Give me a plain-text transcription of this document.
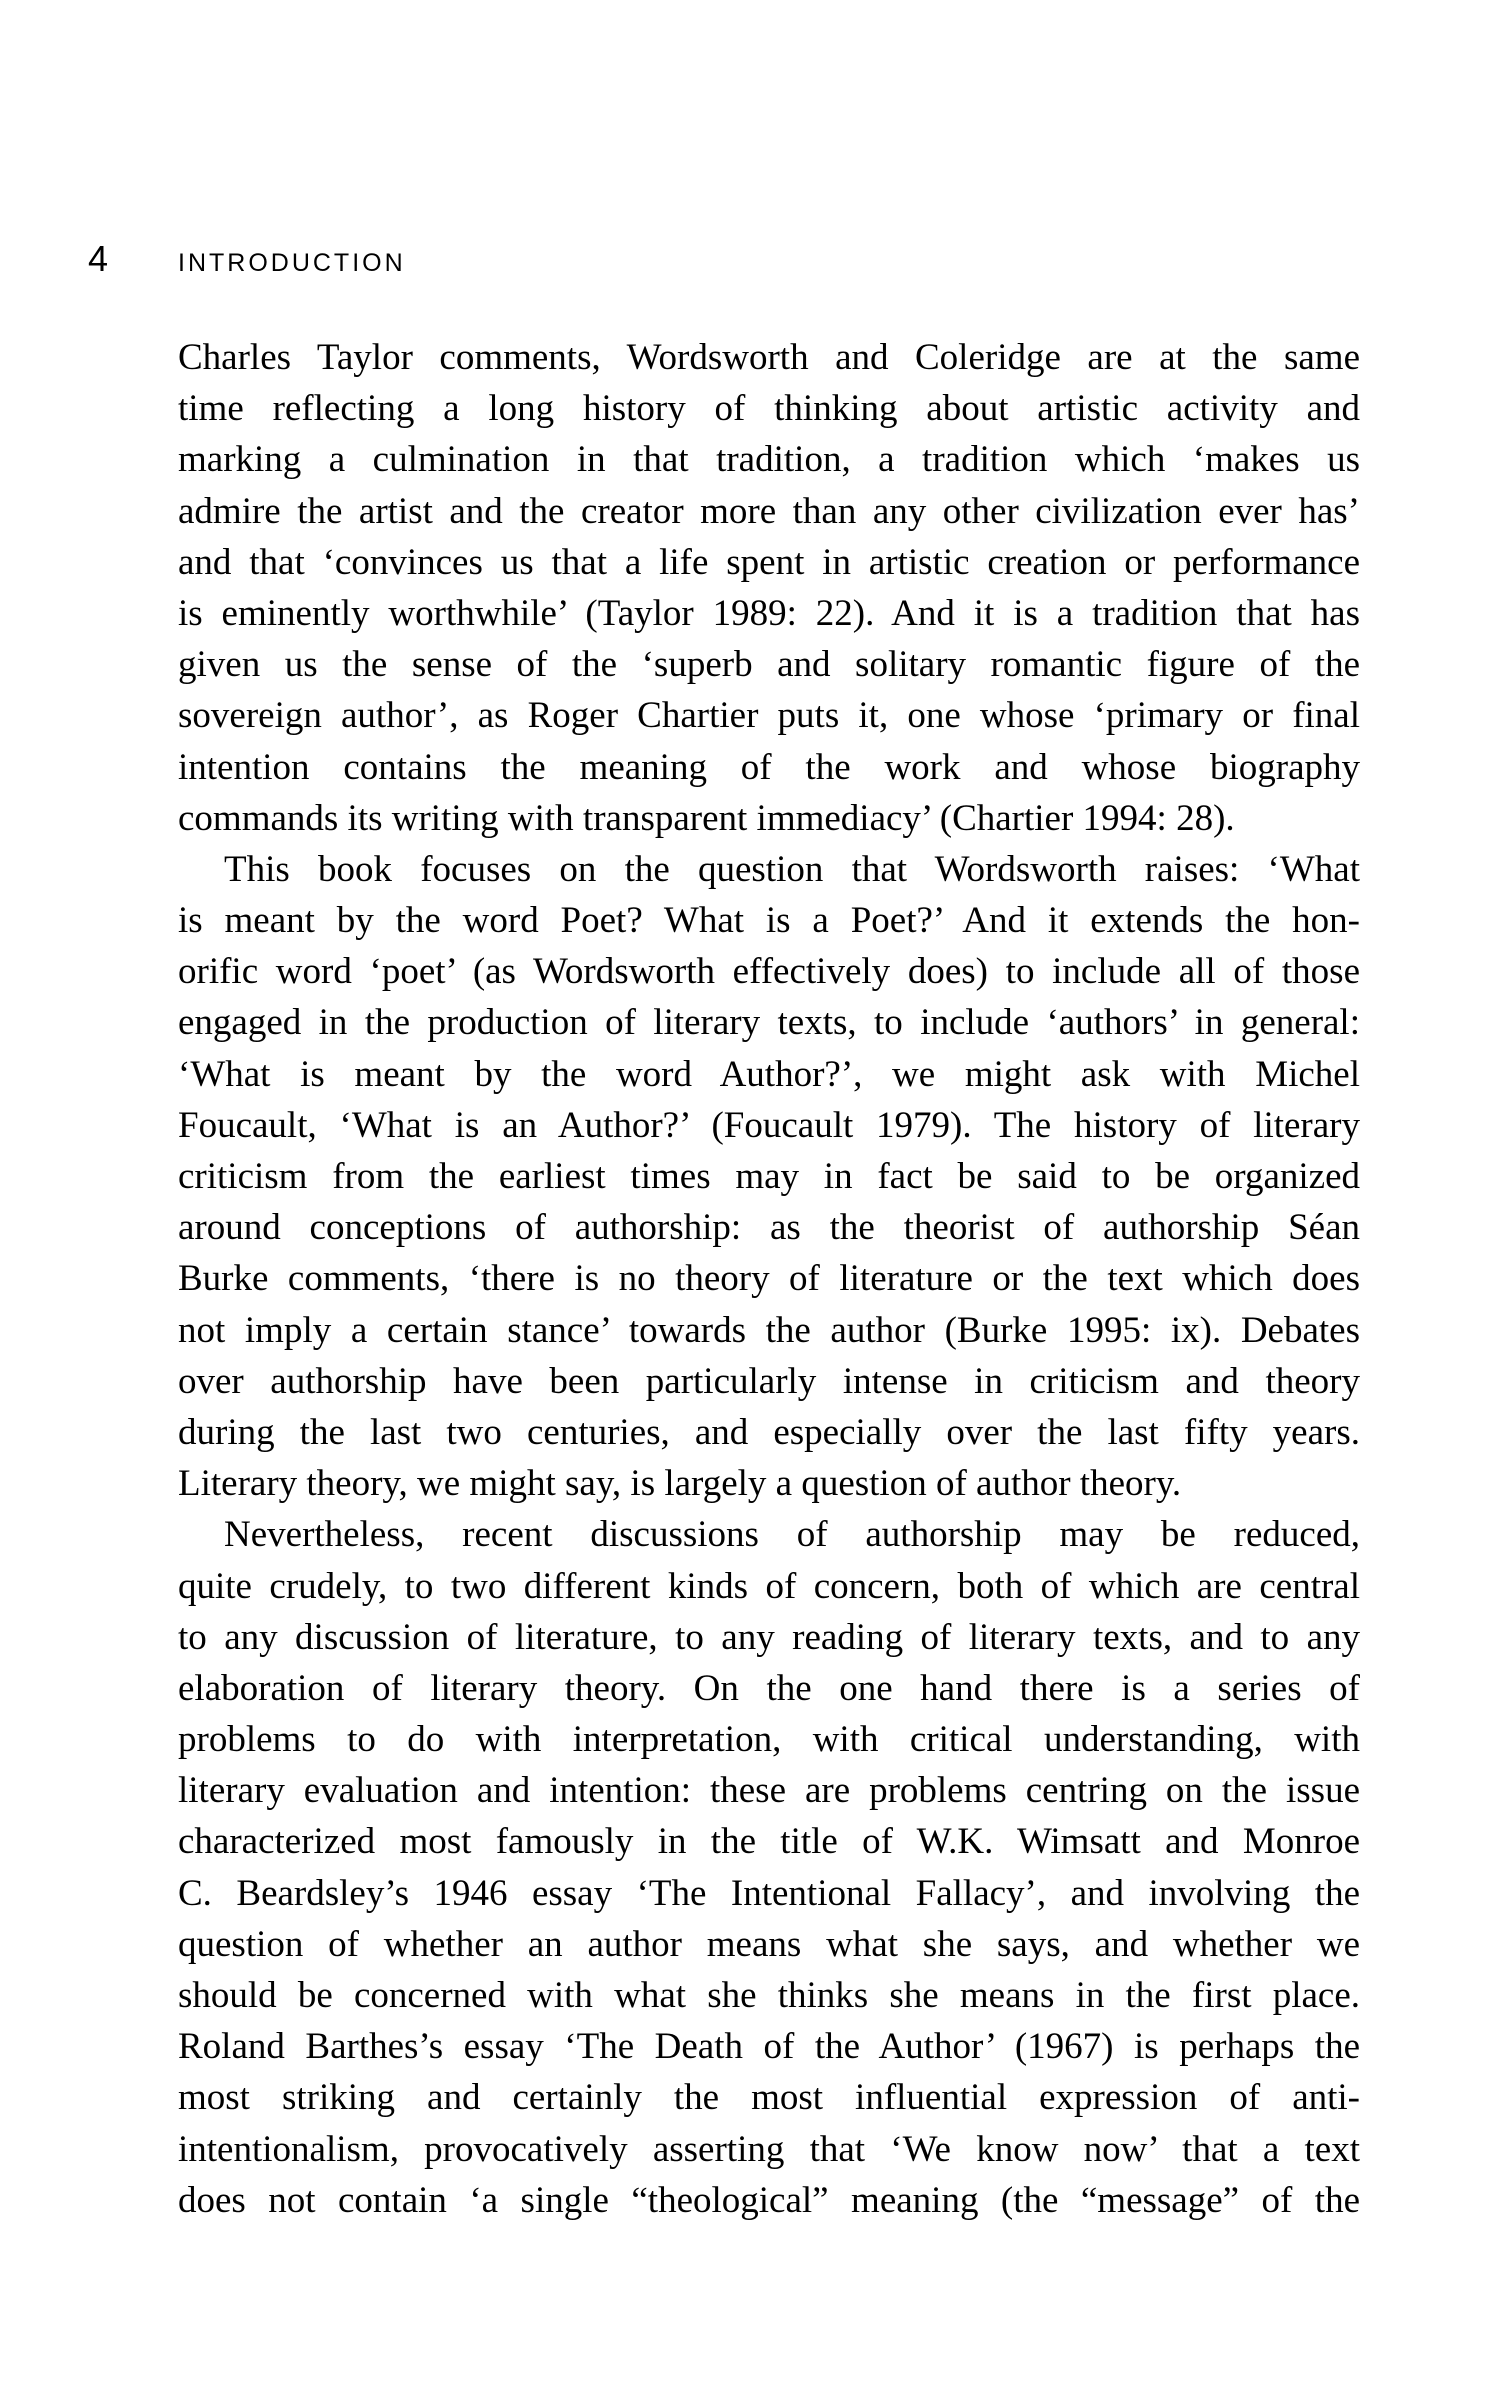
4	INTRODUCTION
Charles Taylor comments, Wordsworth and Coleridge are at the same
time reflecting a long history of thinking about artistic activity and
marking a culmination in that tradition, a tradition which ‘makes us
admire the artist and the creator more than any other civilization ever has’
and that ‘convinces us that a life spent in artistic creation or performance
is eminently worthwhile’ (Taylor 1989: 22). And it is a tradition that has
given us the sense of the ‘superb and solitary romantic figure of the
sovereign author’, as Roger Chartier puts it, one whose ‘primary or final
intention contains the meaning of the work and whose biography
commands its writing with transparent immediacy’ (Chartier 1994: 28).
This book focuses on the question that Wordsworth raises: ‘What
is meant by the word Poet? What is a Poet?’ And it extends the hon-
orific word ‘poet’ (as Wordsworth effectively does) to include all of those
engaged in the production of literary texts, to include ‘authors’ in general:
‘What is meant by the word Author?’, we might ask with Michel
Foucault, ‘What is an Author?’ (Foucault 1979). The history of literary
criticism from the earliest times may in fact be said to be organized
around conceptions of authorship: as the theorist of authorship Séan
Burke comments, ‘there is no theory of literature or the text which does
not imply a certain stance’ towards the author (Burke 1995: ix). Debates
over authorship have been particularly intense in criticism and theory
during the last two centuries, and especially over the last fifty years.
Literary theory, we might say, is largely a question of author theory.
Nevertheless, recent discussions of authorship may be reduced,
quite crudely, to two different kinds of concern, both of which are central
to any discussion of literature, to any reading of literary texts, and to any
elaboration of literary theory. On the one hand there is a series of
problems to do with interpretation, with critical understanding, with
literary evaluation and intention: these are problems centring on the issue
characterized most famously in the title of W.K. Wimsatt and Monroe
C. Beardsley’s 1946 essay ‘The Intentional Fallacy’, and involving the
question of whether an author means what she says, and whether we
should be concerned with what she thinks she means in the first place.
Roland Barthes’s essay ‘The Death of the Author’ (1967) is perhaps the
most striking and certainly the most influential expression of anti-
intentionalism, provocatively asserting that ‘We know now’ that a text
does not contain ‘a single “theological” meaning (the “message” of the
